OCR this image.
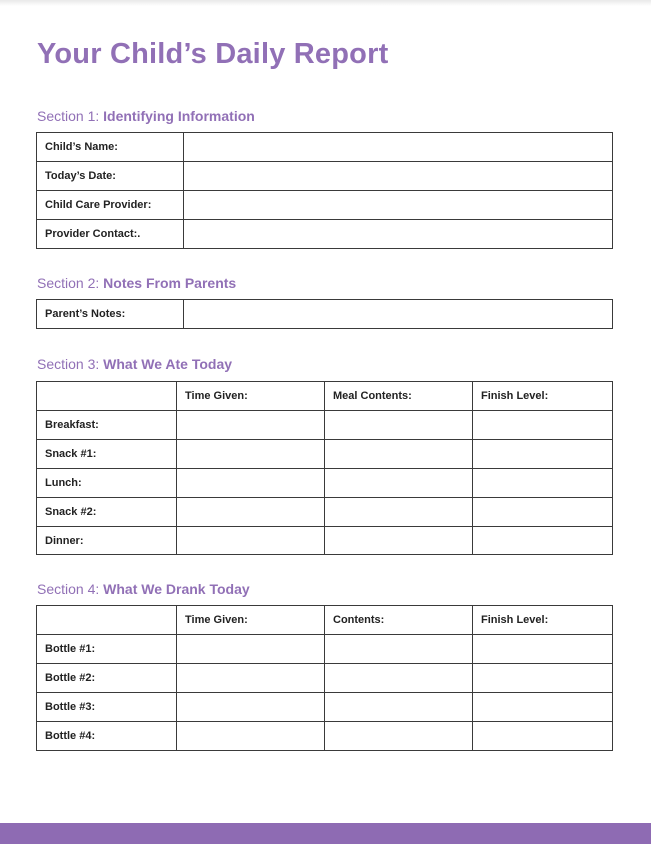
Your Child’s Daily Report
Section 1: Identifying Information
Child’s Name:	
Today’s Date:	
Child Care Provider:	
Provider Contact:.	
Section 2: Notes From Parents
Parent’s Notes:	
Section 3: What We Ate Today
	Time Given:	Meal Contents:	Finish Level:
Breakfast:			
Snack #1:			
Lunch:			
Snack #2:			
Dinner:			
Section 4: What We Drank Today
	Time Given:	Contents:	Finish Level:
Bottle #1:			
Bottle #2:			
Bottle #3:			
Bottle #4:			
